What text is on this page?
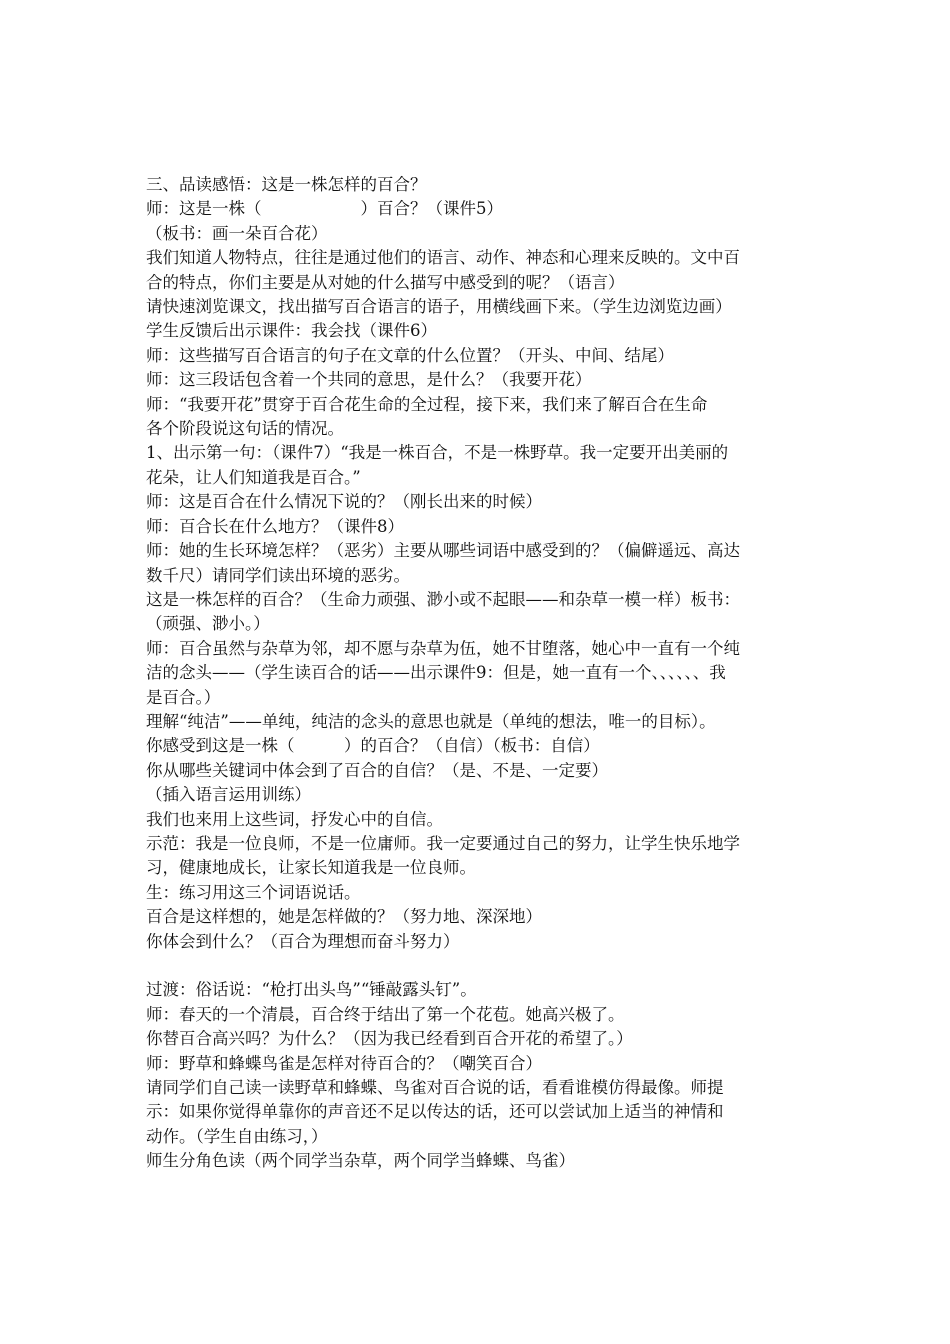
三、品读感悟：这是一株怎样的百合？
师：这是一株（　　　　　　）百合？（课件5）
（板书：画一朵百合花）
我们知道人物特点，往往是通过他们的语言、动作、神态和心理来反映的。文中百
合的特点，你们主要是从对她的什么描写中感受到的呢？（语言）
请快速浏览课文，找出描写百合语言的语子，用横线画下来。（学生边浏览边画）
学生反馈后出示课件：我会找（课件6）
师：这些描写百合语言的句子在文章的什么位置？（开头、中间、结尾）
师：这三段话包含着一个共同的意思，是什么？（我要开花）
师：“我要开花”贯穿于百合花生命的全过程，接下来，我们来了解百合在生命
各个阶段说这句话的情况。
1、出示第一句：（课件7）“我是一株百合，不是一株野草。我一定要开出美丽的
花朵，让人们知道我是百合。”
师：这是百合在什么情况下说的？（刚长出来的时候）
师：百合长在什么地方？（课件8）
师：她的生长环境怎样？（恶劣）主要从哪些词语中感受到的？（偏僻遥远、高达
数千尺）请同学们读出环境的恶劣。
这是一株怎样的百合？（生命力顽强、渺小或不起眼——和杂草一模一样）板书：
（顽强、渺小。）
师：百合虽然与杂草为邻，却不愿与杂草为伍，她不甘堕落，她心中一直有一个纯
洁的念头——（学生读百合的话——出示课件9：但是，她一直有一个、、、、、、我
是百合。）
理解“纯洁”——单纯，纯洁的念头的意思也就是（单纯的想法，唯一的目标）。
你感受到这是一株（　　　）的百合？（自信）（板书：自信）
你从哪些关键词中体会到了百合的自信？（是、不是、一定要）
（插入语言运用训练）
我们也来用上这些词，抒发心中的自信。
示范：我是一位良师，不是一位庸师。我一定要通过自己的努力，让学生快乐地学
习，健康地成长，让家长知道我是一位良师。
生：练习用这三个词语说话。
百合是这样想的，她是怎样做的？（努力地、深深地）
你体会到什么？（百合为理想而奋斗努力）
过渡：俗话说：“枪打出头鸟”“锤敲露头钉”。
师：春天的一个清晨，百合终于结出了第一个花苞。她高兴极了。
你替百合高兴吗？为什么？（因为我已经看到百合开花的希望了。）
师：野草和蜂蝶鸟雀是怎样对待百合的？（嘲笑百合）
请同学们自己读一读野草和蜂蝶、鸟雀对百合说的话，看看谁模仿得最像。师提
示：如果你觉得单靠你的声音还不足以传达的话，还可以尝试加上适当的神情和
动作。（学生自由练习，）
师生分角色读（两个同学当杂草，两个同学当蜂蝶、鸟雀）
